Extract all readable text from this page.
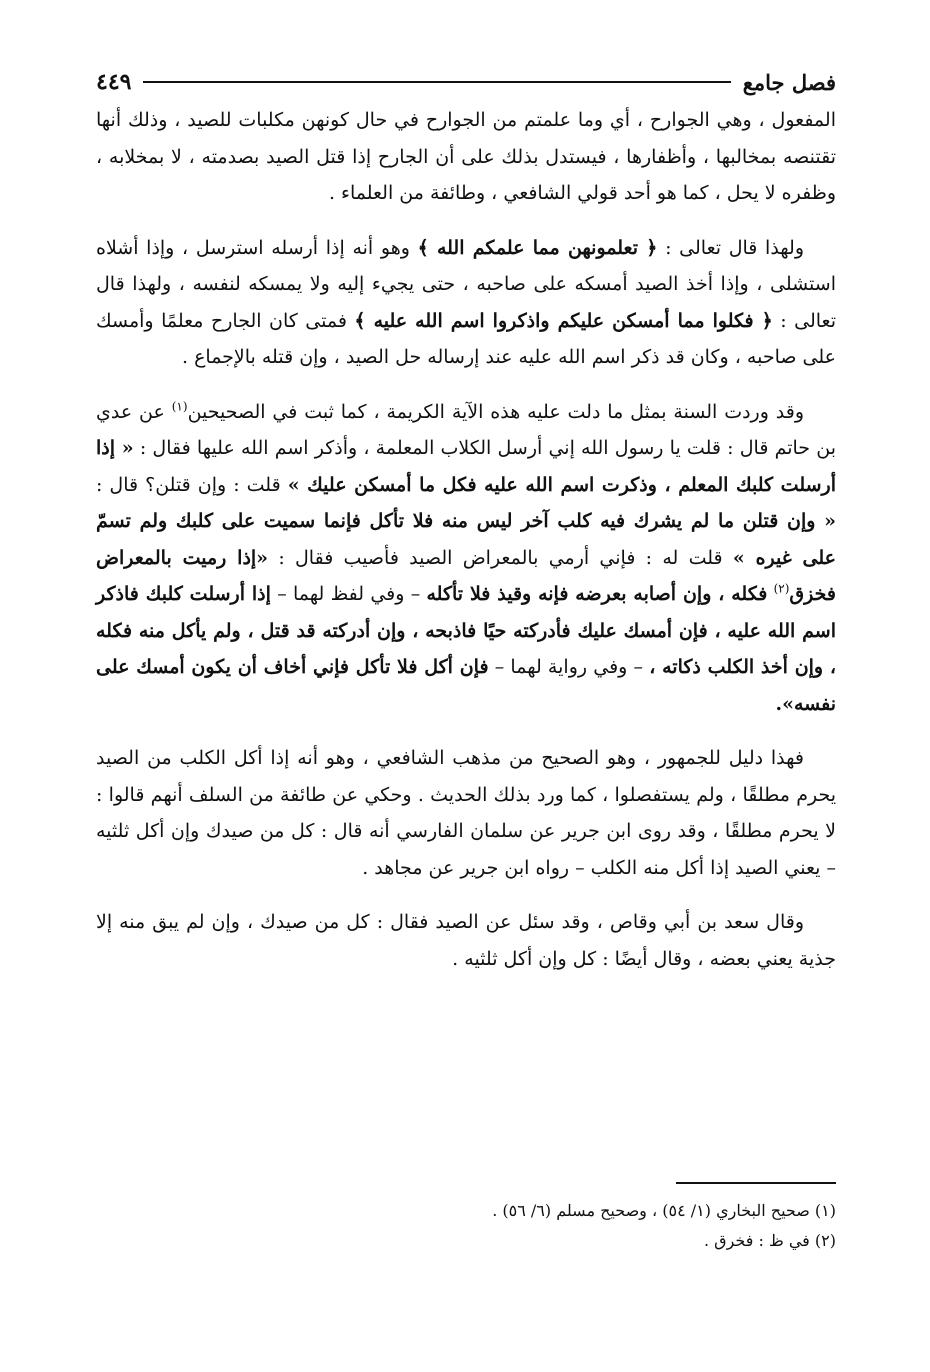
فصل جامع
٤٤٩

المفعول ، وهي الجوارح ، أي وما علمتم من الجوارح في حال كونهن مكلبات للصيد ، وذلك أنها تقتنصه بمخالبها ، وأظفارها ، فيستدل بذلك على أن الجارح إذا قتل الصيد بصدمته ، لا بمخلابه ، وظفره لا يحل ، كما هو أحد قولي الشافعي ، وطائفة من العلماء .

ولهذا قال تعالى : ﴿ تعلمونهن مما علمكم الله ﴾ وهو أنه إذا أرسله استرسل ، وإذا أشلاه استشلى ، وإذا أخذ الصيد أمسكه على صاحبه ، حتى يجيء إليه ولا يمسكه لنفسه ، ولهذا قال تعالى : ﴿ فكلوا مما أمسكن عليكم واذكروا اسم الله عليه ﴾ فمتى كان الجارح معلمًا وأمسك على صاحبه ، وكان قد ذكر اسم الله عليه عند إرساله حل الصيد ، وإن قتله بالإجماع .

وقد وردت السنة بمثل ما دلت عليه هذه الآية الكريمة ، كما ثبت في الصحيحين$^{(١)}$ عن عدي بن حاتم قال : قلت يا رسول الله إني أرسل الكلاب المعلمة ، وأذكر اسم الله عليها فقال : « إذا أرسلت كلبك المعلم ، وذكرت اسم الله عليه فكل ما أمسكن عليك » قلت : وإن قتلن؟ قال : « وإن قتلن ما لم يشرك فيه كلب آخر ليس منه فلا تأكل فإنما سميت على كلبك ولم تسمّ على غيره » قلت له : فإني أرمي بالمعراض الصيد فأصيب فقال : «إذا رميت بالمعراض فخزق$^{(٢)}$ فكله ، وإن أصابه بعرضه فإنه وقيذ فلا تأكله – وفي لفظ لهما – إذا أرسلت كلبك فاذكر اسم الله عليه ، فإن أمسك عليك فأدركته حيًا فاذبحه ، وإن أدركته قد قتل ، ولم يأكل منه فكله ، وإن أخذ الكلب ذكاته ، – وفي رواية لهما – فإن أكل فلا تأكل فإني أخاف أن يكون أمسك على نفسه».

فهذا دليل للجمهور ، وهو الصحيح من مذهب الشافعي ، وهو أنه إذا أكل الكلب من الصيد يحرم مطلقًا ، ولم يستفصلوا ، كما ورد بذلك الحديث . وحكي عن طائفة من السلف أنهم قالوا : لا يحرم مطلقًا ، وقد روى ابن جرير عن سلمان الفارسي أنه قال : كل من صيدك وإن أكل ثلثيه – يعني الصيد إذا أكل منه الكلب – رواه ابن جرير عن مجاهد .

وقال سعد بن أبي وقاص ، وقد سئل عن الصيد فقال : كل من صيدك ، وإن لم يبق منه إلا جذية يعني بعضه ، وقال أيضًا : كل وإن أكل ثلثيه .

(١) صحيح البخاري (١/ ٥٤) ، وصحيح مسلم (٦/ ٥٦) .

(٢) في ظ : فخرق .
